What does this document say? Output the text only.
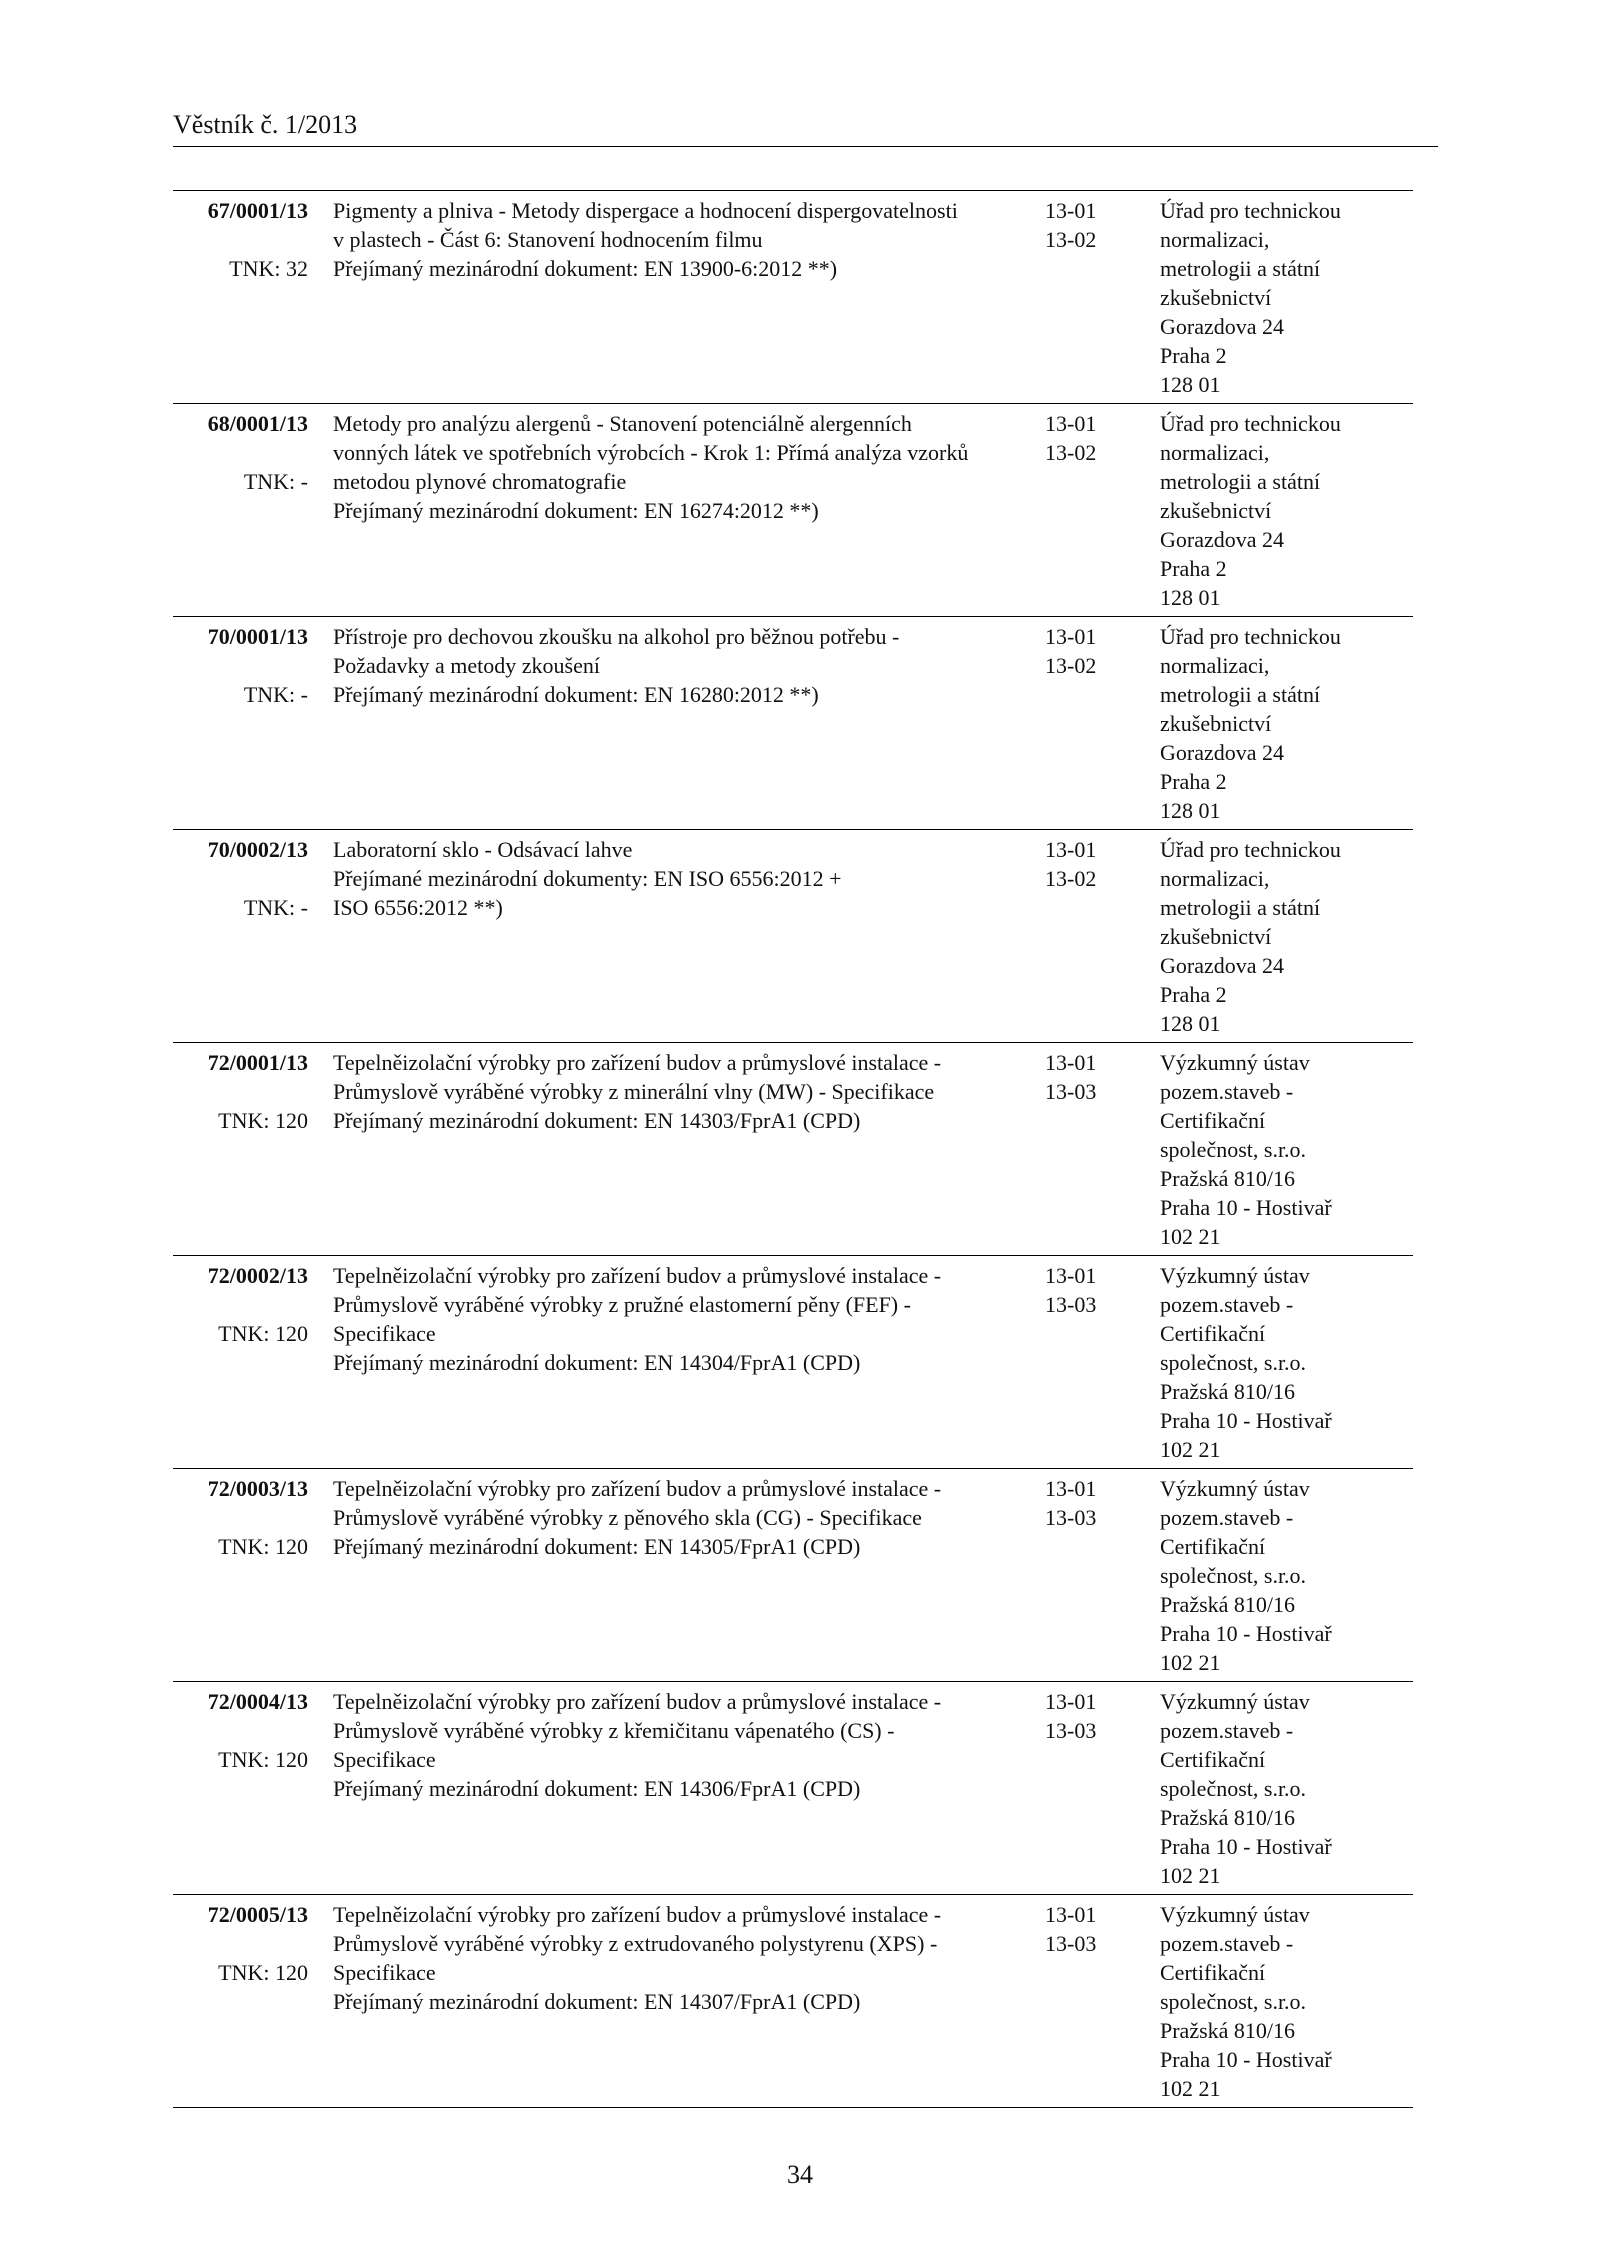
Věstník č. 1/2013
67/0001/13
TNK: 32
Pigmenty a plniva - Metody dispergace a hodnocení dispergovatelnosti
v plastech - Část 6: Stanovení hodnocením filmu
Přejímaný mezinárodní dokument: EN 13900-6:2012 **)
13-01
13-02
Úřad pro technickou
normalizaci,
metrologii a státní
zkušebnictví
Gorazdova 24
Praha 2
128 01
68/0001/13
TNK: -
Metody pro analýzu alergenů - Stanovení potenciálně alergenních
vonných látek ve spotřebních výrobcích - Krok 1: Přímá analýza vzorků
metodou plynové chromatografie
Přejímaný mezinárodní dokument: EN 16274:2012 **)
13-01
13-02
Úřad pro technickou
normalizaci,
metrologii a státní
zkušebnictví
Gorazdova 24
Praha 2
128 01
70/0001/13
TNK: -
Přístroje pro dechovou zkoušku na alkohol pro běžnou potřebu -
Požadavky a metody zkoušení
Přejímaný mezinárodní dokument: EN 16280:2012 **)
13-01
13-02
Úřad pro technickou
normalizaci,
metrologii a státní
zkušebnictví
Gorazdova 24
Praha 2
128 01
70/0002/13
TNK: -
Laboratorní sklo - Odsávací lahve
Přejímané mezinárodní dokumenty: EN ISO 6556:2012 +
ISO 6556:2012 **)
13-01
13-02
Úřad pro technickou
normalizaci,
metrologii a státní
zkušebnictví
Gorazdova 24
Praha 2
128 01
72/0001/13
TNK: 120
Tepelněizolační výrobky pro zařízení budov a průmyslové instalace -
Průmyslově vyráběné výrobky z minerální vlny (MW) - Specifikace
Přejímaný mezinárodní dokument: EN 14303/FprA1 (CPD)
13-01
13-03
Výzkumný ústav
pozem.staveb -
Certifikační
společnost, s.r.o.
Pražská 810/16
Praha 10 - Hostivař
102 21
72/0002/13
TNK: 120
Tepelněizolační výrobky pro zařízení budov a průmyslové instalace -
Průmyslově vyráběné výrobky z pružné elastomerní pěny (FEF) -
Specifikace
Přejímaný mezinárodní dokument: EN 14304/FprA1 (CPD)
13-01
13-03
Výzkumný ústav
pozem.staveb -
Certifikační
společnost, s.r.o.
Pražská 810/16
Praha 10 - Hostivař
102 21
72/0003/13
TNK: 120
Tepelněizolační výrobky pro zařízení budov a průmyslové instalace -
Průmyslově vyráběné výrobky z pěnového skla (CG) - Specifikace
Přejímaný mezinárodní dokument: EN 14305/FprA1 (CPD)
13-01
13-03
Výzkumný ústav
pozem.staveb -
Certifikační
společnost, s.r.o.
Pražská 810/16
Praha 10 - Hostivař
102 21
72/0004/13
TNK: 120
Tepelněizolační výrobky pro zařízení budov a průmyslové instalace -
Průmyslově vyráběné výrobky z křemičitanu vápenatého (CS) -
Specifikace
Přejímaný mezinárodní dokument: EN 14306/FprA1 (CPD)
13-01
13-03
Výzkumný ústav
pozem.staveb -
Certifikační
společnost, s.r.o.
Pražská 810/16
Praha 10 - Hostivař
102 21
72/0005/13
TNK: 120
Tepelněizolační výrobky pro zařízení budov a průmyslové instalace -
Průmyslově vyráběné výrobky z extrudovaného polystyrenu (XPS) -
Specifikace
Přejímaný mezinárodní dokument: EN 14307/FprA1 (CPD)
13-01
13-03
Výzkumný ústav
pozem.staveb -
Certifikační
společnost, s.r.o.
Pražská 810/16
Praha 10 - Hostivař
102 21
34
